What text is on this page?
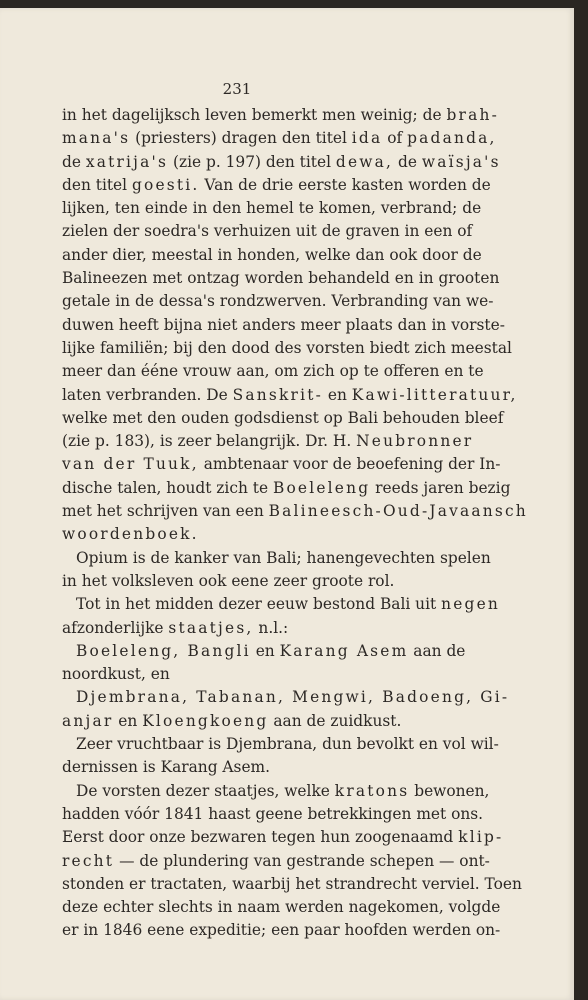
231
in het dagelijksch leven bemerkt men weinig; de brah-
mana's (priesters) dragen den titel ida of padanda,
de xatrija's (zie p. 197) den titel dewa, de waïsja's
den titel goesti. Van de drie eerste kasten worden de
lijken, ten einde in den hemel te komen, verbrand; de
zielen der soedra's verhuizen uit de graven in een of
ander dier, meestal in honden, welke dan ook door de
Balineezen met ontzag worden behandeld en in grooten
getale in de dessa's rondzwerven. Verbranding van we-
duwen heeft bijna niet anders meer plaats dan in vorste-
lijke familiën; bij den dood des vorsten biedt zich meestal
meer dan ééne vrouw aan, om zich op te offeren en te
laten verbranden. De Sanskrit- en Kawi-litteratuur,
welke met den ouden godsdienst op Bali behouden bleef
(zie p. 183), is zeer belangrijk. Dr. H. Neubronner
van der Tuuk, ambtenaar voor de beoefening der In-
dische talen, houdt zich te Boeleleng reeds jaren bezig
met het schrijven van een Balineesch-Oud-Javaansch
woordenboek.
Opium is de kanker van Bali; hanengevechten spelen
in het volksleven ook eene zeer groote rol.
Tot in het midden dezer eeuw bestond Bali uit negen
afzonderlijke staatjes, n.l.:
Boeleleng, Bangli en Karang Asem aan de
noordkust, en
Djembrana, Tabanan, Mengwi, Badoeng, Gi-
anjar en Kloengkoeng aan de zuidkust.
Zeer vruchtbaar is Djembrana, dun bevolkt en vol wil-
dernissen is Karang Asem.
De vorsten dezer staatjes, welke kratons bewonen,
hadden vóór 1841 haast geene betrekkingen met ons.
Eerst door onze bezwaren tegen hun zoogenaamd klip-
recht — de plundering van gestrande schepen — ont-
stonden er tractaten, waarbij het strandrecht verviel. Toen
deze echter slechts in naam werden nagekomen, volgde
er in 1846 eene expeditie; een paar hoofden werden on-
